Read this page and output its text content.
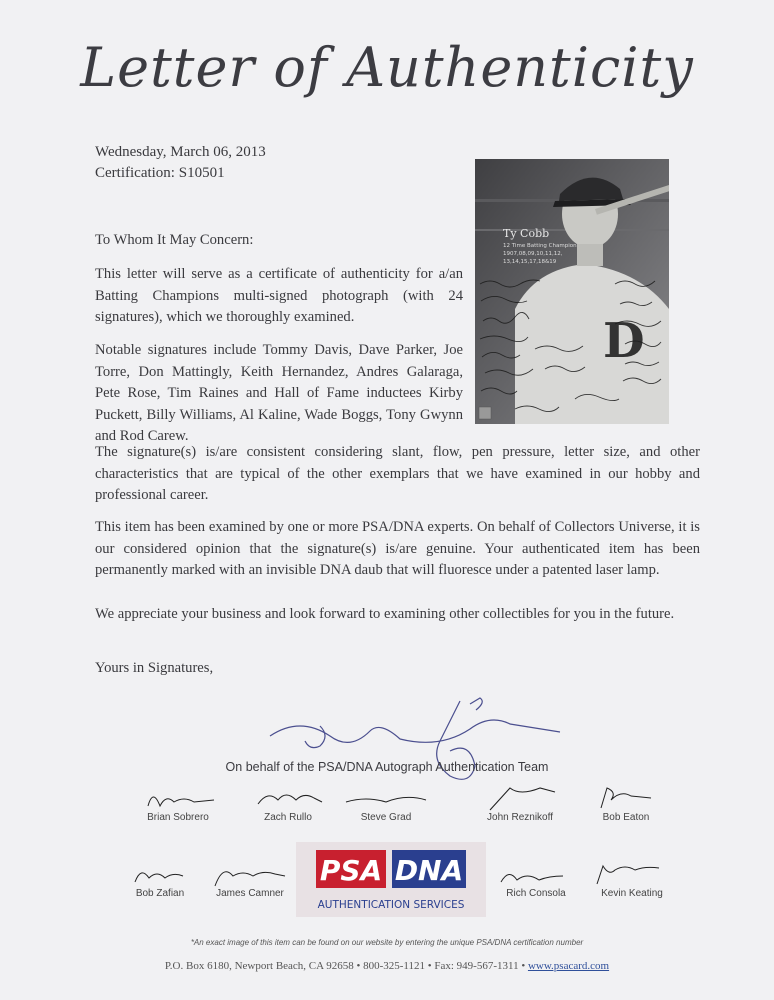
Letter of Authenticity
Wednesday, March 06, 2013
Certification: S10501
D
Ty Cobb
12 Time Batting Champion
1907,08,09,10,11,12,
13,14,15,17,18&19
To Whom It May Concern:
This letter will serve as a certificate of authenticity for a/an Batting Champions multi-signed photograph (with 24 signatures), which we thoroughly examined.
Notable signatures include Tommy Davis, Dave Parker, Joe Torre, Don Mattingly, Keith Hernandez, Andres Galaraga, Pete Rose, Tim Raines and Hall of Fame inductees Kirby Puckett, Billy Williams, Al Kaline, Wade Boggs, Tony Gwynn and Rod Carew.
The signature(s) is/are consistent considering slant, flow, pen pressure, letter size, and other characteristics that are typical of the other exemplars that we have examined in our hobby and professional career.
This item has been examined by one or more PSA/DNA experts. On behalf of Collectors Universe, it is our considered opinion that the signature(s) is/are genuine. Your authenticated item has been permanently marked with an invisible DNA daub that will fluoresce under a patented laser lamp.
We appreciate your business and look forward to examining other collectibles for you in the future.
Yours in Signatures,
On behalf of the PSA/DNA Autograph Authentication Team
Brian Sobrero	Zach Rullo	Steve Grad	John Reznikoff	Bob Eaton
Bob Zafian	James Camner	Rich Consola	Kevin Keating
PSA DNA
AUTHENTICATION SERVICES
*An exact image of this item can be found on our website by entering the unique PSA/DNA certification number
P.O. Box 6180, Newport Beach, CA 92658 • 800-325-1121 • Fax: 949-567-1311 • www.psacard.com
